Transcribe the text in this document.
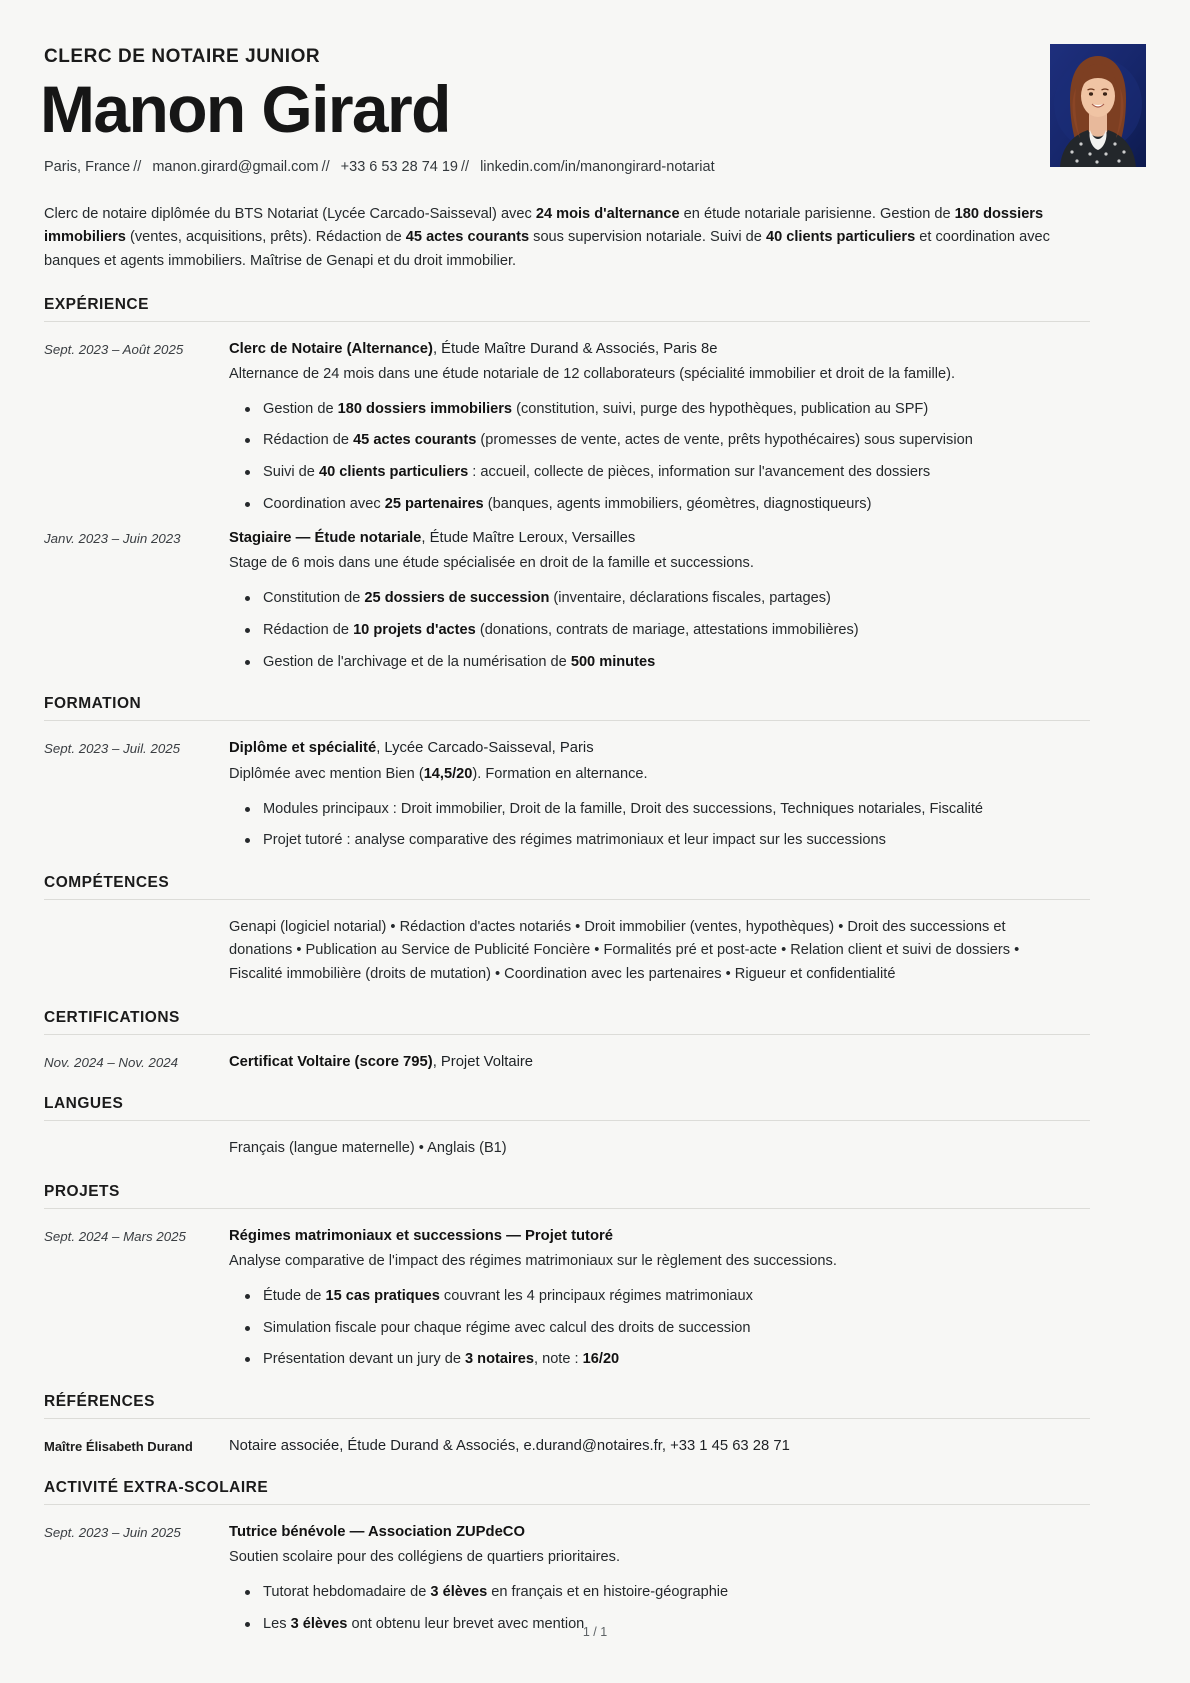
CLERC DE NOTAIRE JUNIOR
Manon Girard
Paris, France // manon.girard@gmail.com // +33 6 53 28 74 19 // linkedin.com/in/manongirard-notariat
Clerc de notaire diplômée du BTS Notariat (Lycée Carcado-Saisseval) avec 24 mois d'alternance en étude notariale parisienne. Gestion de 180 dossiers immobiliers (ventes, acquisitions, prêts). Rédaction de 45 actes courants sous supervision notariale. Suivi de 40 clients particuliers et coordination avec banques et agents immobiliers. Maîtrise de Genapi et du droit immobilier.
EXPÉRIENCE
Sept. 2023 – Août 2025	Clerc de Notaire (Alternance), Étude Maître Durand & Associés, Paris 8e
Alternance de 24 mois dans une étude notariale de 12 collaborateurs (spécialité immobilier et droit de la famille).
Gestion de 180 dossiers immobiliers (constitution, suivi, purge des hypothèques, publication au SPF)
Rédaction de 45 actes courants (promesses de vente, actes de vente, prêts hypothécaires) sous supervision
Suivi de 40 clients particuliers : accueil, collecte de pièces, information sur l'avancement des dossiers
Coordination avec 25 partenaires (banques, agents immobiliers, géomètres, diagnostiqueurs)
Janv. 2023 – Juin 2023	Stagiaire — Étude notariale, Étude Maître Leroux, Versailles
Stage de 6 mois dans une étude spécialisée en droit de la famille et successions.
Constitution de 25 dossiers de succession (inventaire, déclarations fiscales, partages)
Rédaction de 10 projets d'actes (donations, contrats de mariage, attestations immobilières)
Gestion de l'archivage et de la numérisation de 500 minutes
FORMATION
Sept. 2023 – Juil. 2025	Diplôme et spécialité, Lycée Carcado-Saisseval, Paris
Diplômée avec mention Bien (14,5/20). Formation en alternance.
Modules principaux : Droit immobilier, Droit de la famille, Droit des successions, Techniques notariales, Fiscalité
Projet tutoré : analyse comparative des régimes matrimoniaux et leur impact sur les successions
COMPÉTENCES
Genapi (logiciel notarial) • Rédaction d'actes notariés • Droit immobilier (ventes, hypothèques) • Droit des successions et donations • Publication au Service de Publicité Foncière • Formalités pré et post-acte • Relation client et suivi de dossiers • Fiscalité immobilière (droits de mutation) • Coordination avec les partenaires • Rigueur et confidentialité
CERTIFICATIONS
Nov. 2024 – Nov. 2024	Certificat Voltaire (score 795), Projet Voltaire
LANGUES
Français (langue maternelle) • Anglais (B1)
PROJETS
Sept. 2024 – Mars 2025	Régimes matrimoniaux et successions — Projet tutoré
Analyse comparative de l'impact des régimes matrimoniaux sur le règlement des successions.
Étude de 15 cas pratiques couvrant les 4 principaux régimes matrimoniaux
Simulation fiscale pour chaque régime avec calcul des droits de succession
Présentation devant un jury de 3 notaires, note : 16/20
RÉFÉRENCES
Maître Élisabeth Durand	Notaire associée, Étude Durand & Associés, e.durand@notaires.fr, +33 1 45 63 28 71
ACTIVITÉ EXTRA-SCOLAIRE
Sept. 2023 – Juin 2025	Tutrice bénévole — Association ZUPdeCO
Soutien scolaire pour des collégiens de quartiers prioritaires.
Tutorat hebdomadaire de 3 élèves en français et en histoire-géographie
Les 3 élèves ont obtenu leur brevet avec mention
1 / 1
